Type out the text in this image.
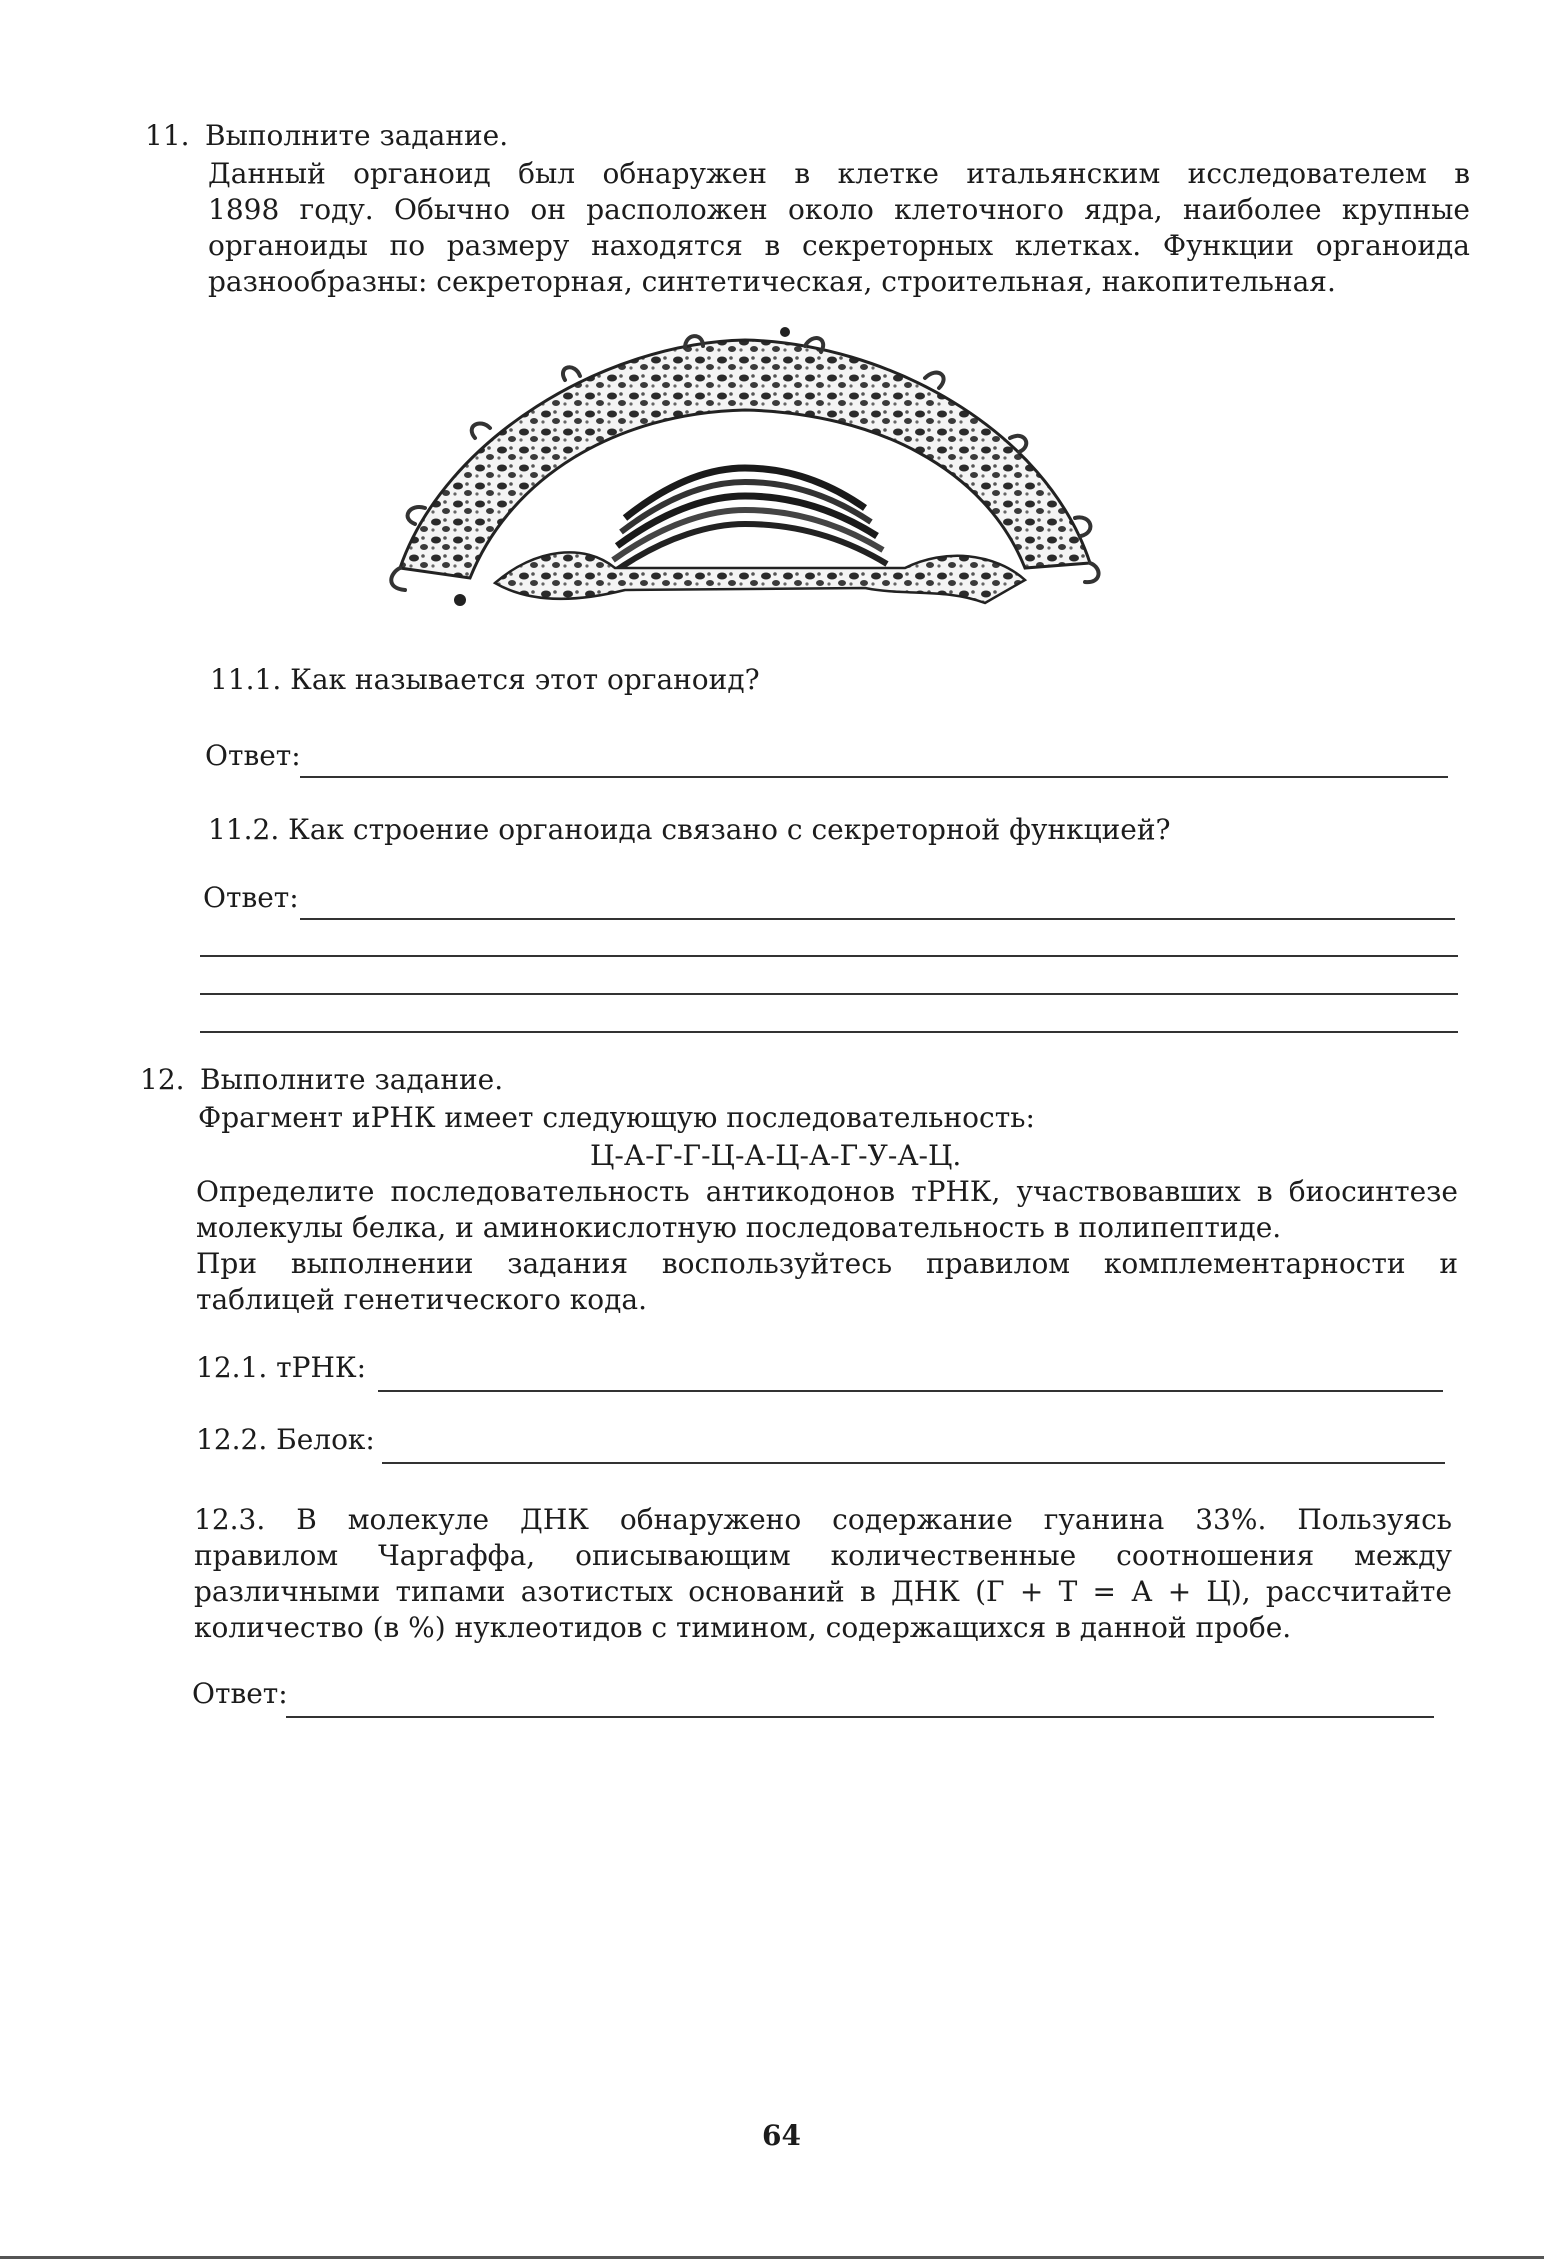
11. Выполните задание.
Данный органоид был обнаружен в клетке итальянским исследователем в
1898 году. Обычно он расположен около клеточного ядра, наиболее крупные
органоиды по размеру находятся в секреторных клетках. Функции органоида
разнообразны: секреторная, синтетическая, строительная, накопительная.
11.1. Как называется этот органоид?
Ответ:
11.2. Как строение органоида связано с секреторной функцией?
Ответ:
12. Выполните задание.
Фрагмент иРНК имеет следующую последовательность:
Ц-А-Г-Г-Ц-А-Ц-А-Г-У-А-Ц.
Определите последовательность антикодонов тРНК, участвовавших в биосинтезе
молекулы белка, и аминокислотную последовательность в полипептиде.
При выполнении задания воспользуйтесь правилом комплементарности и
таблицей генетического кода.
12.1. тРНК:
12.2. Белок:
12.3. В молекуле ДНК обнаружено содержание гуанина 33%. Пользуясь
правилом Чаргаффа, описывающим количественные соотношения между
различными типами азотистых оснований в ДНК (Г + Т = А + Ц), рассчитайте
количество (в %) нуклеотидов с тимином, содержащихся в данной пробе.
Ответ:
64
